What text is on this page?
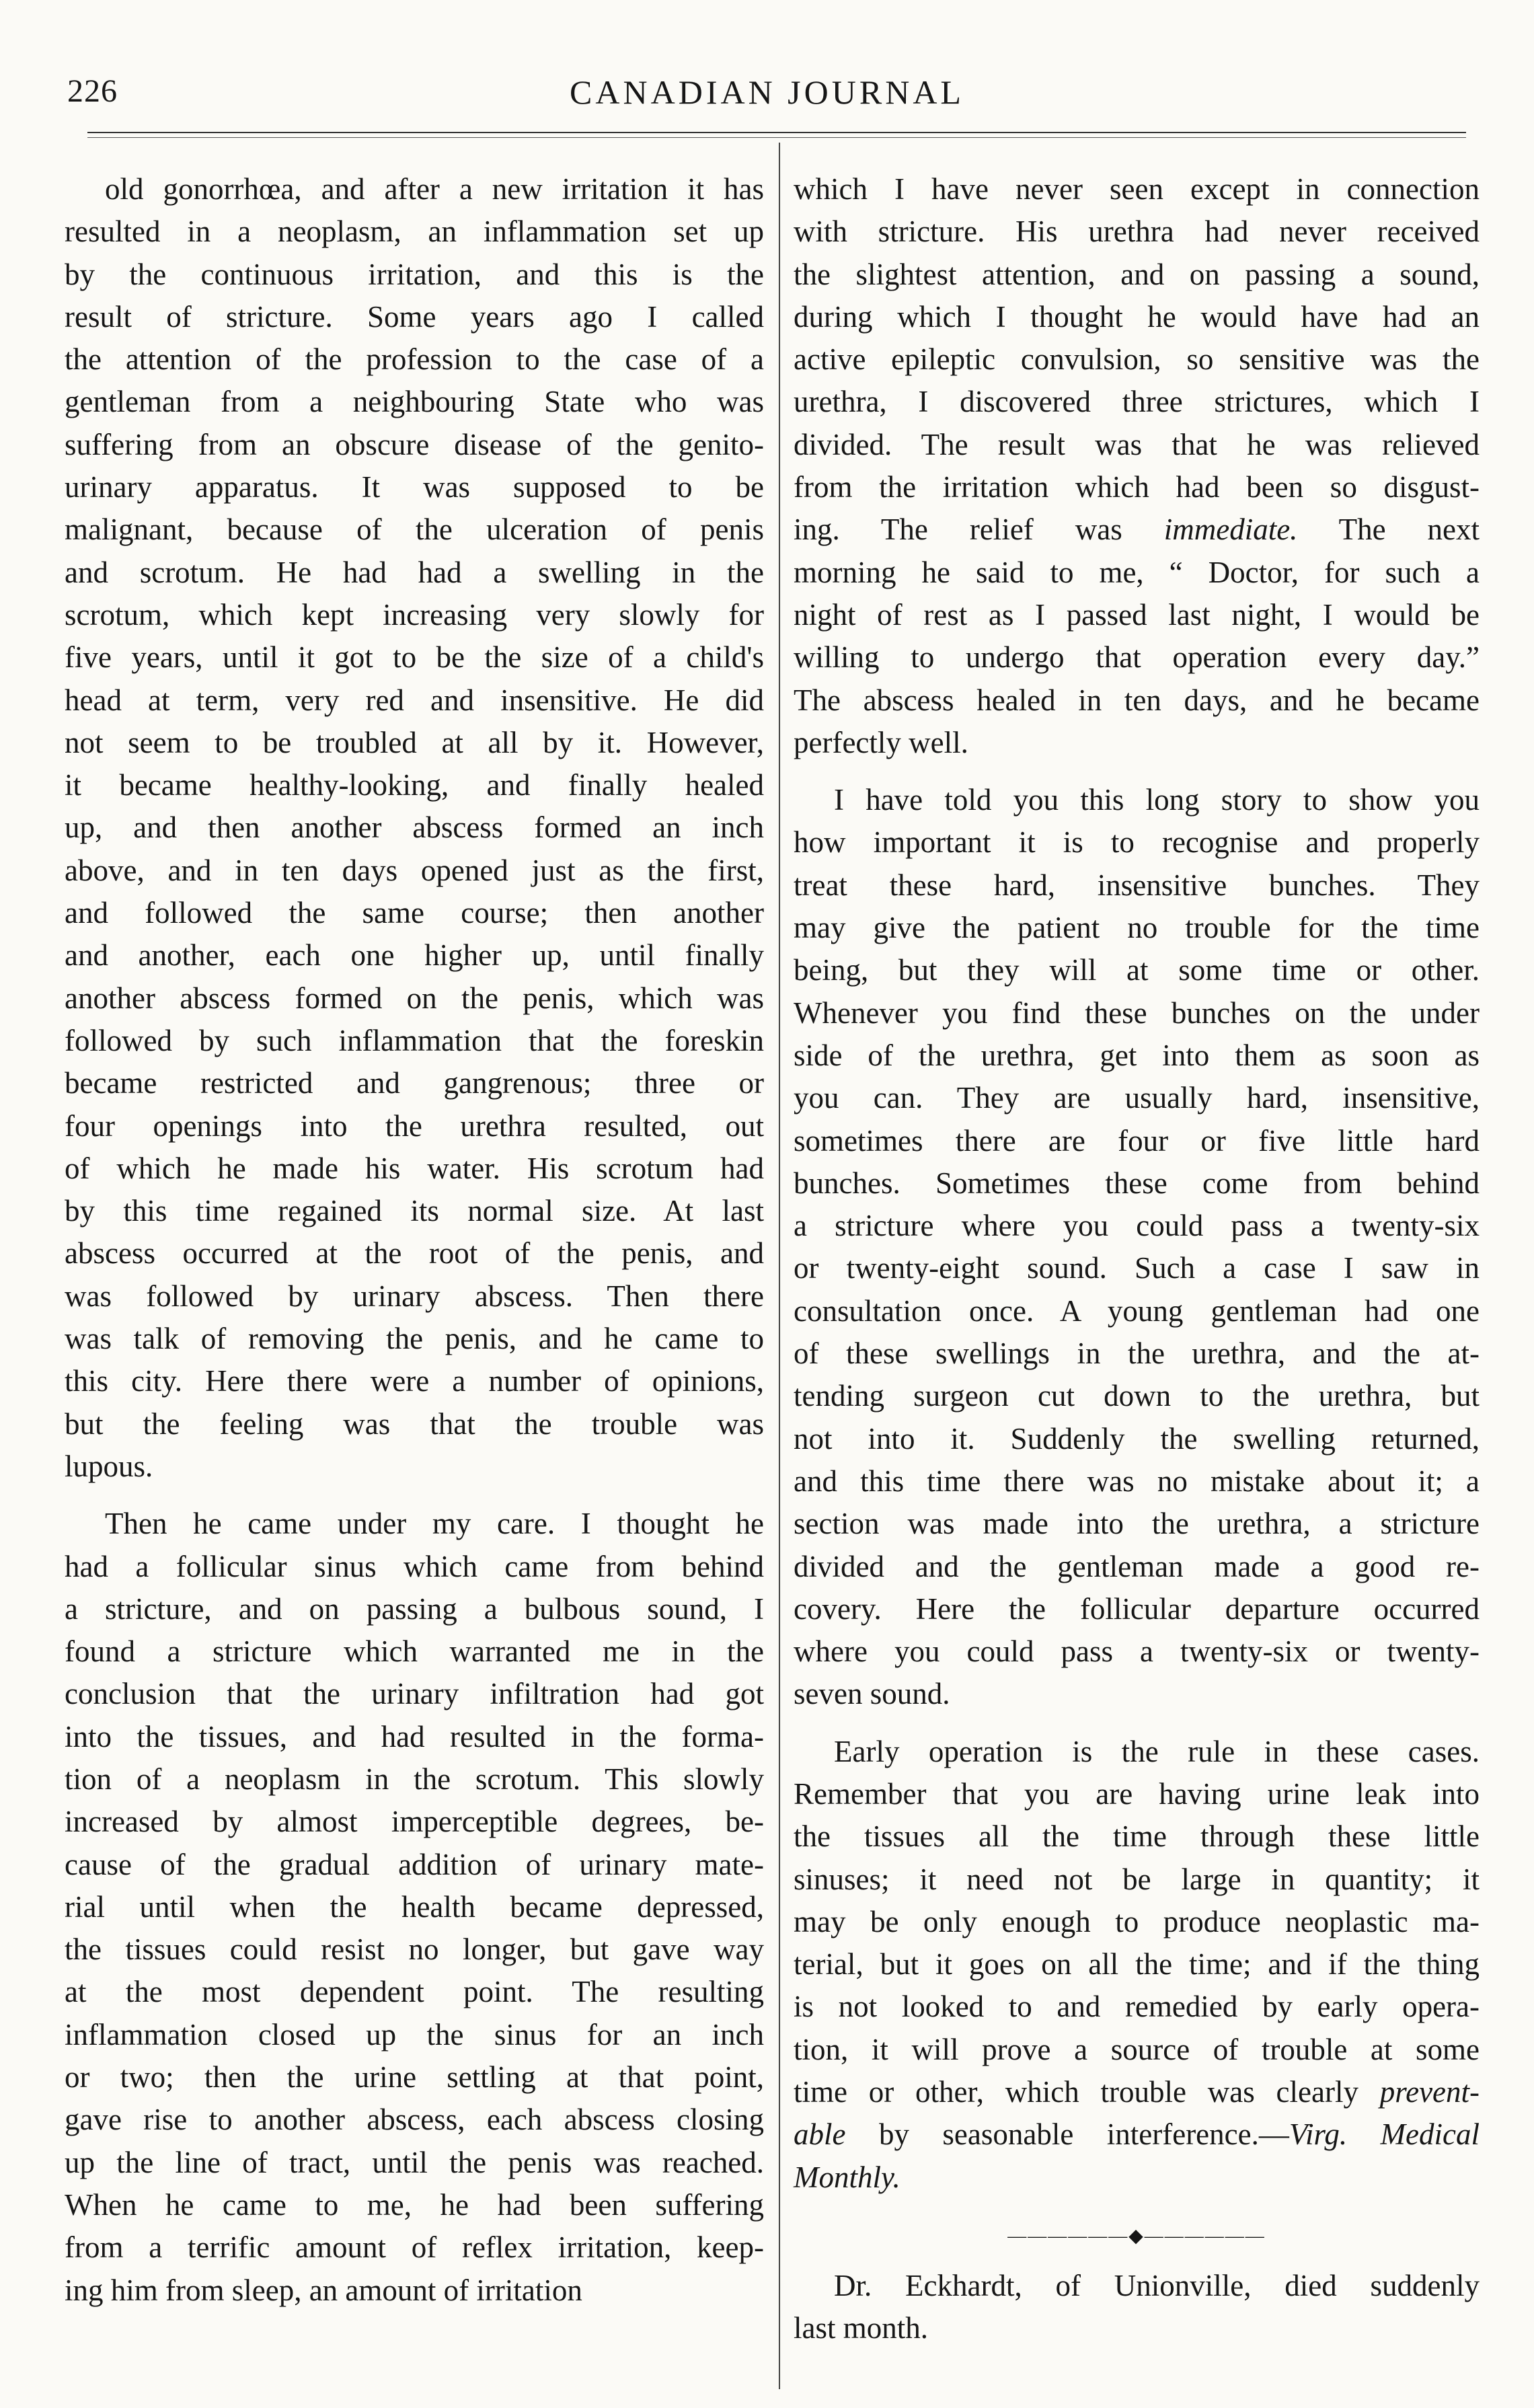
226	CANADIAN JOURNAL
old gonorrhœa, and after a new irritation it has
resulted in a neoplasm, an inflammation set up
by the continuous irritation, and this is the
result of stricture. Some years ago I called
the attention of the profession to the case of a
gentleman from a neighbouring State who was
suffering from an obscure disease of the genito-
urinary apparatus. It was supposed to be
malignant, because of the ulceration of penis
and scrotum. He had had a swelling in the
scrotum, which kept increasing very slowly for
five years, until it got to be the size of a child's
head at term, very red and insensitive. He did
not seem to be troubled at all by it. However,
it became healthy-looking, and finally healed
up, and then another abscess formed an inch
above, and in ten days opened just as the first,
and followed the same course; then another
and another, each one higher up, until finally
another abscess formed on the penis, which was
followed by such inflammation that the foreskin
became restricted and gangrenous; three or
four openings into the urethra resulted, out
of which he made his water. His scrotum had
by this time regained its normal size. At last
abscess occurred at the root of the penis, and
was followed by urinary abscess. Then there
was talk of removing the penis, and he came to
this city. Here there were a number of opinions,
but the feeling was that the trouble was
lupous.
Then he came under my care. I thought he
had a follicular sinus which came from behind
a stricture, and on passing a bulbous sound, I
found a stricture which warranted me in the
conclusion that the urinary infiltration had got
into the tissues, and had resulted in the forma-
tion of a neoplasm in the scrotum. This slowly
increased by almost imperceptible degrees, be-
cause of the gradual addition of urinary mate-
rial until when the health became depressed,
the tissues could resist no longer, but gave way
at the most dependent point. The resulting
inflammation closed up the sinus for an inch
or two; then the urine settling at that point,
gave rise to another abscess, each abscess closing
up the line of tract, until the penis was reached.
When he came to me, he had been suffering
from a terrific amount of reflex irritation, keep-
ing him from sleep, an amount of irritation
which I have never seen except in connection
with stricture. His urethra had never received
the slightest attention, and on passing a sound,
during which I thought he would have had an
active epileptic convulsion, so sensitive was the
urethra, I discovered three strictures, which I
divided. The result was that he was relieved
from the irritation which had been so disgust-
ing. The relief was immediate. The next
morning he said to me, “ Doctor, for such a
night of rest as I passed last night, I would be
willing to undergo that operation every day.”
The abscess healed in ten days, and he became
perfectly well.
I have told you this long story to show you
how important it is to recognise and properly
treat these hard, insensitive bunches. They
may give the patient no trouble for the time
being, but they will at some time or other.
Whenever you find these bunches on the under
side of the urethra, get into them as soon as
you can. They are usually hard, insensitive,
sometimes there are four or five little hard
bunches. Sometimes these come from behind
a stricture where you could pass a twenty-six
or twenty-eight sound. Such a case I saw in
consultation once. A young gentleman had one
of these swellings in the urethra, and the at-
tending surgeon cut down to the urethra, but
not into it. Suddenly the swelling returned,
and this time there was no mistake about it; a
section was made into the urethra, a stricture
divided and the gentleman made a good re-
covery. Here the follicular departure occurred
where you could pass a twenty-six or twenty-
seven sound.
Early operation is the rule in these cases.
Remember that you are having urine leak into
the tissues all the time through these little
sinuses; it need not be large in quantity; it
may be only enough to produce neoplastic ma-
terial, but it goes on all the time; and if the thing
is not looked to and remedied by early opera-
tion, it will prove a source of trouble at some
time or other, which trouble was clearly prevent-
able by seasonable interference.—Virg. Medical
Monthly.
——————◆——————
Dr. Eckhardt, of Unionville, died suddenly
last month.
